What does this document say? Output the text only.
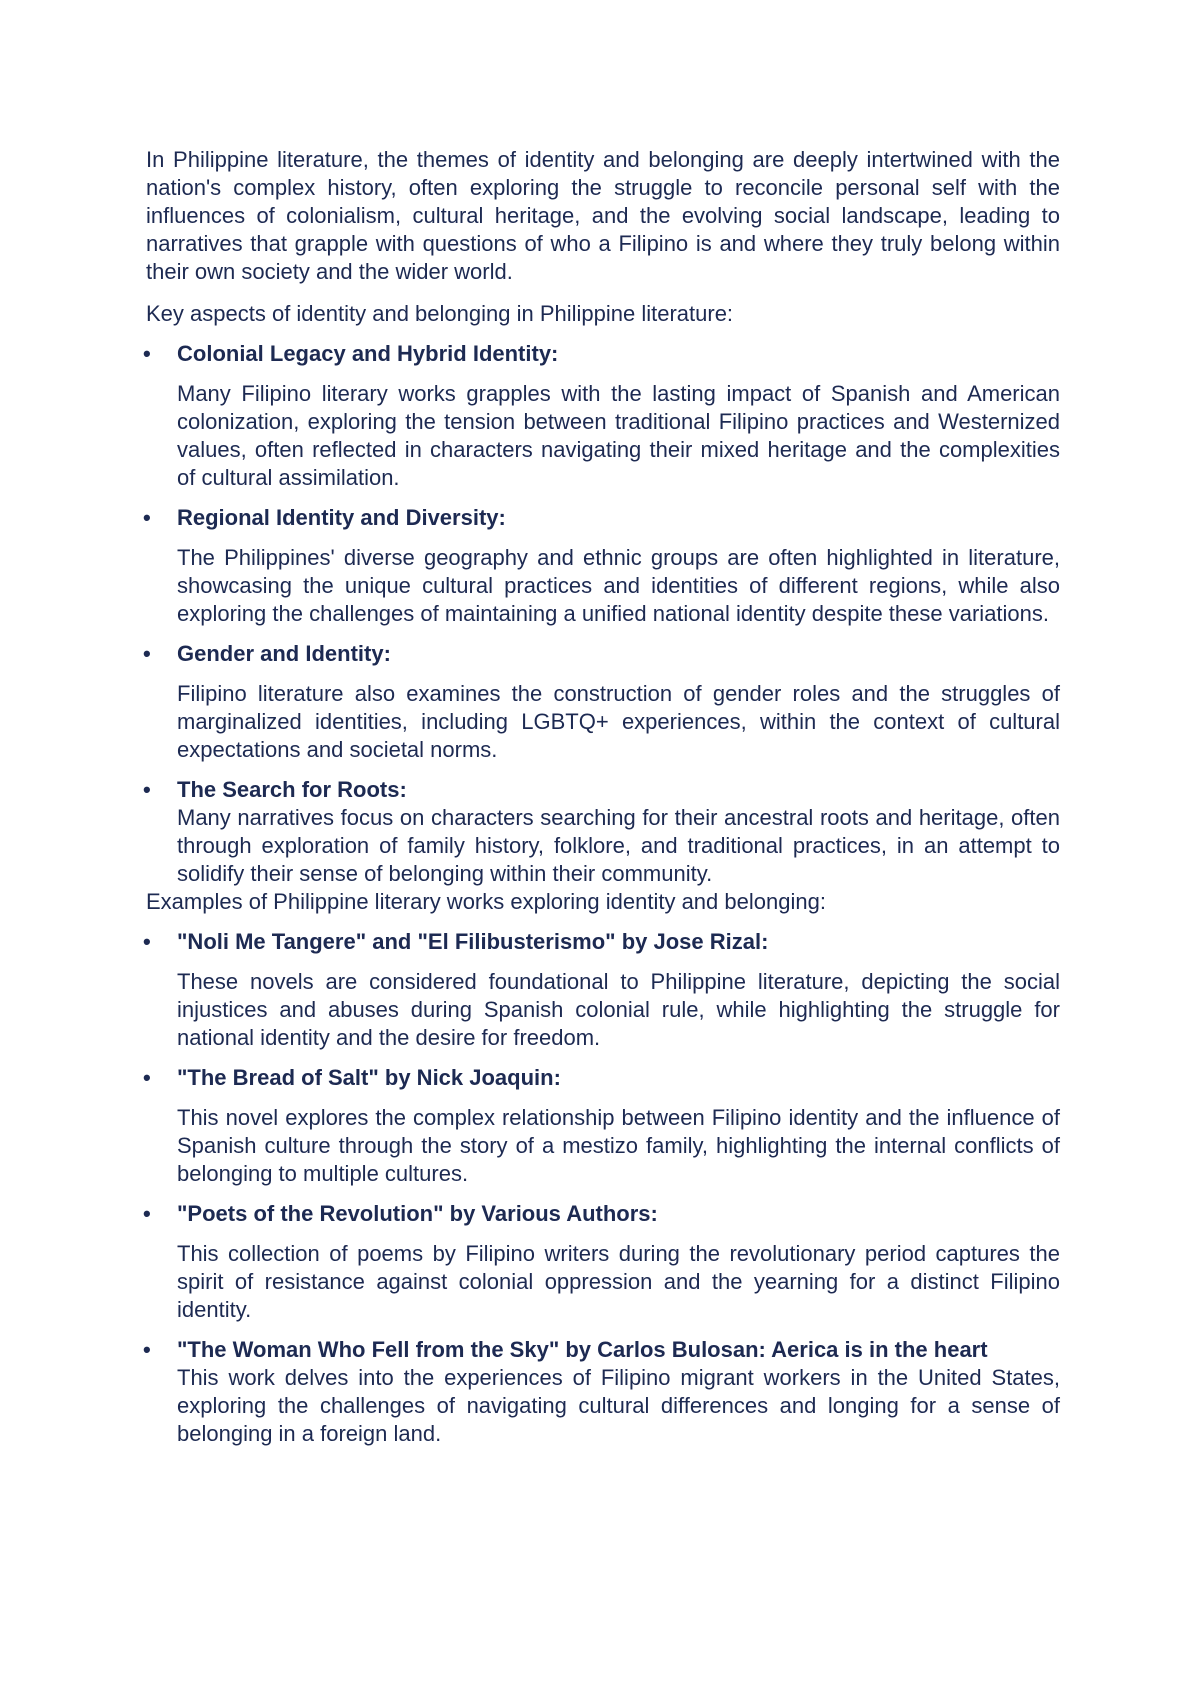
In Philippine literature, the themes of identity and belonging are deeply intertwined with the nation's complex history, often exploring the struggle to reconcile personal self with the influences of colonialism, cultural heritage, and the evolving social landscape, leading to narratives that grapple with questions of who a Filipino is and where they truly belong within their own society and the wider world.

Key aspects of identity and belonging in Philippine literature:

• Colonial Legacy and Hybrid Identity:

Many Filipino literary works grapples with the lasting impact of Spanish and American colonization, exploring the tension between traditional Filipino practices and Westernized values, often reflected in characters navigating their mixed heritage and the complexities of cultural assimilation.

• Regional Identity and Diversity:

The Philippines' diverse geography and ethnic groups are often highlighted in literature, showcasing the unique cultural practices and identities of different regions, while also exploring the challenges of maintaining a unified national identity despite these variations.

• Gender and Identity:

Filipino literature also examines the construction of gender roles and the struggles of marginalized identities, including LGBTQ+ experiences, within the context of cultural expectations and societal norms.

• The Search for Roots:

Many narratives focus on characters searching for their ancestral roots and heritage, often through exploration of family history, folklore, and traditional practices, in an attempt to solidify their sense of belonging within their community.

Examples of Philippine literary works exploring identity and belonging:

• "Noli Me Tangere" and "El Filibusterismo" by Jose Rizal:

These novels are considered foundational to Philippine literature, depicting the social injustices and abuses during Spanish colonial rule, while highlighting the struggle for national identity and the desire for freedom.

• "The Bread of Salt" by Nick Joaquin:

This novel explores the complex relationship between Filipino identity and the influence of Spanish culture through the story of a mestizo family, highlighting the internal conflicts of belonging to multiple cultures.

• "Poets of the Revolution" by Various Authors:

This collection of poems by Filipino writers during the revolutionary period captures the spirit of resistance against colonial oppression and the yearning for a distinct Filipino identity.

• "The Woman Who Fell from the Sky" by Carlos Bulosan: Aerica is in the heart

This work delves into the experiences of Filipino migrant workers in the United States, exploring the challenges of navigating cultural differences and longing for a sense of belonging in a foreign land.
